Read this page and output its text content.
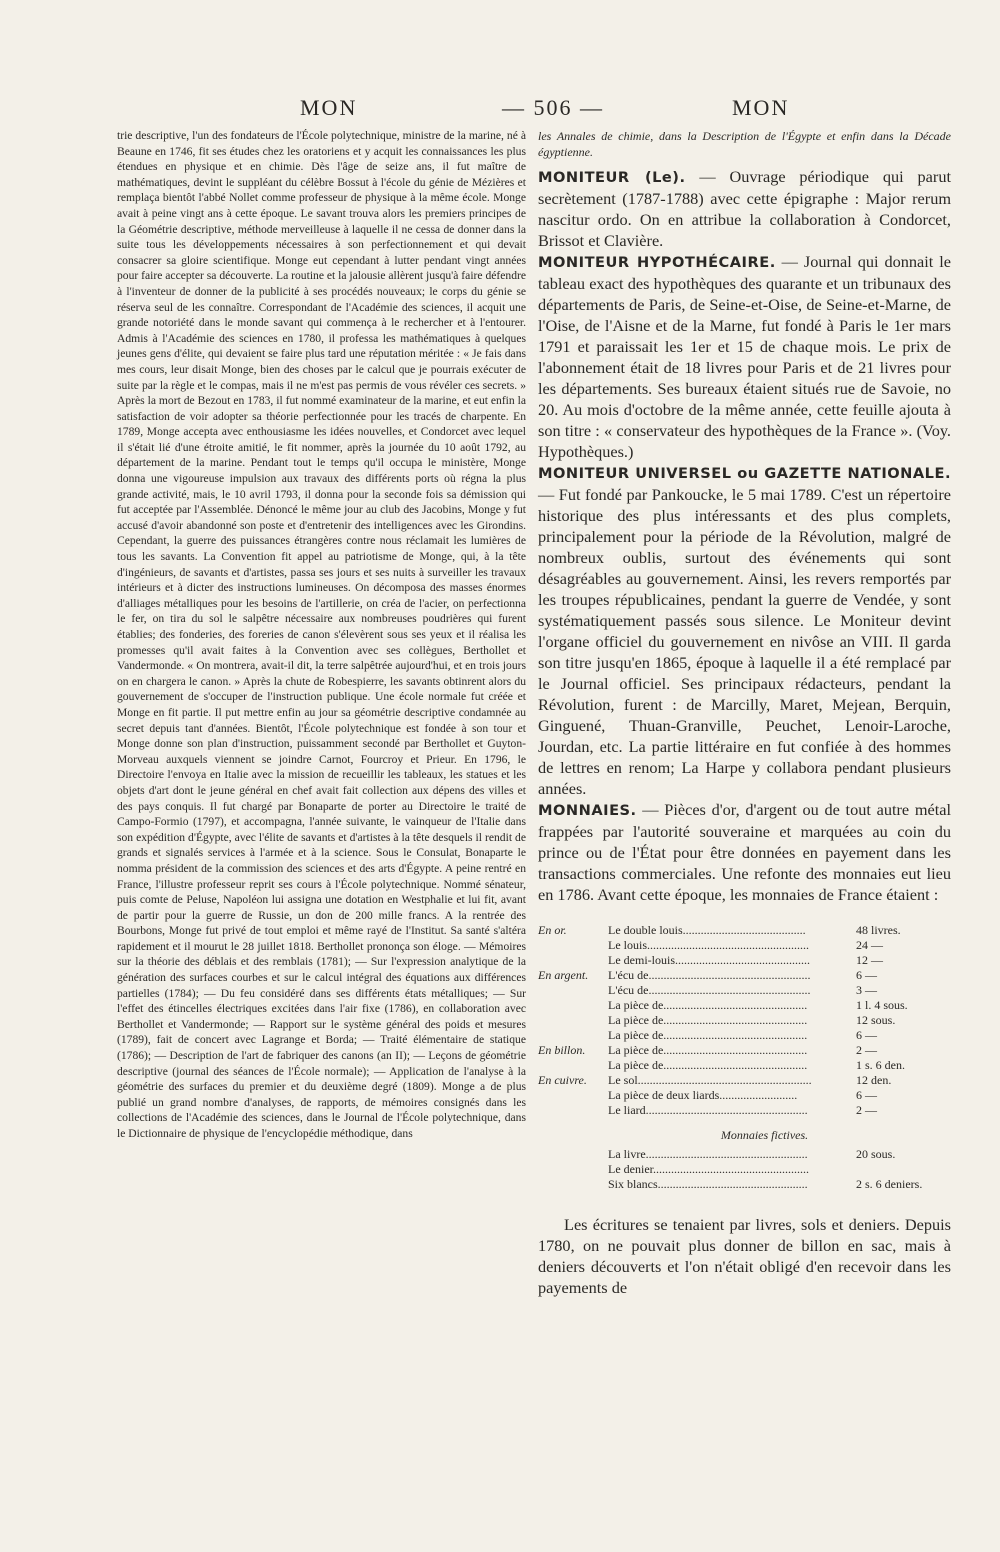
MON	— 506 —	MON

trie descriptive, l'un des fondateurs de l'École polytechnique, ministre de la marine, né à Beaune en 1746, fit ses études chez les oratoriens et y acquit les connaissances les plus étendues en physique et en chimie. Dès l'âge de seize ans, il fut maître de mathématiques, devint le suppléant du célèbre Bossut à l'école du génie de Mézières et remplaça bientôt l'abbé Nollet comme professeur de physique à la même école. Monge avait à peine vingt ans à cette époque. Le savant trouva alors les premiers principes de la Géométrie descriptive, méthode merveilleuse à laquelle il ne cessa de donner dans la suite tous les développements nécessaires à son perfectionnement et qui devait consacrer sa gloire scientifique. Monge eut cependant à lutter pendant vingt années pour faire accepter sa découverte. La routine et la jalousie allèrent jusqu'à faire défendre à l'inventeur de donner de la publicité à ses procédés nouveaux; le corps du génie se réserva seul de les connaître. Correspondant de l'Académie des sciences, il acquit une grande notoriété dans le monde savant qui commença à le rechercher et à l'entourer. Admis à l'Académie des sciences en 1780, il professa les mathématiques à quelques jeunes gens d'élite, qui devaient se faire plus tard une réputation méritée : « Je fais dans mes cours, leur disait Monge, bien des choses par le calcul que je pourrais exécuter de suite par la règle et le compas, mais il ne m'est pas permis de vous révéler ces secrets. » Après la mort de Bezout en 1783, il fut nommé examinateur de la marine, et eut enfin la satisfaction de voir adopter sa théorie perfectionnée pour les tracés de charpente. En 1789, Monge accepta avec enthousiasme les idées nouvelles, et Condorcet avec lequel il s'était lié d'une étroite amitié, le fit nommer, après la journée du 10 août 1792, au département de la marine. Pendant tout le temps qu'il occupa le ministère, Monge donna une vigoureuse impulsion aux travaux des différents ports où régna la plus grande activité, mais, le 10 avril 1793, il donna pour la seconde fois sa démission qui fut acceptée par l'Assemblée. Dénoncé le même jour au club des Jacobins, Monge y fut accusé d'avoir abandonné son poste et d'entretenir des intelligences avec les Girondins. Cependant, la guerre des puissances étrangères contre nous réclamait les lumières de tous les savants. La Convention fit appel au patriotisme de Monge, qui, à la tête d'ingénieurs, de savants et d'artistes, passa ses jours et ses nuits à surveiller les travaux intérieurs et à dicter des instructions lumineuses. On décomposa des masses énormes d'alliages métalliques pour les besoins de l'artillerie, on créa de l'acier, on perfectionna le fer, on tira du sol le salpêtre nécessaire aux nombreuses poudrières qui furent établies; des fonderies, des foreries de canon s'élevèrent sous ses yeux et il réalisa les promesses qu'il avait faites à la Convention avec ses collègues, Berthollet et Vandermonde. « On montrera, avait-il dit, la terre salpêtrée aujourd'hui, et en trois jours on en chargera le canon. » Après la chute de Robespierre, les savants obtinrent alors du gouvernement de s'occuper de l'instruction publique. Une école normale fut créée et Monge en fit partie. Il put mettre enfin au jour sa géométrie descriptive condamnée au secret depuis tant d'années. Bientôt, l'École polytechnique est fondée à son tour et Monge donne son plan d'instruction, puissamment secondé par Berthollet et Guyton-Morveau auxquels viennent se joindre Carnot, Fourcroy et Prieur. En 1796, le Directoire l'envoya en Italie avec la mission de recueillir les tableaux, les statues et les objets d'art dont le jeune général en chef avait fait collection aux dépens des villes et des pays conquis. Il fut chargé par Bonaparte de porter au Directoire le traité de Campo-Formio (1797), et accompagna, l'année suivante, le vainqueur de l'Italie dans son expédition d'Égypte, avec l'élite de savants et d'artistes à la tête desquels il rendit de grands et signalés services à l'armée et à la science. Sous le Consulat, Bonaparte le nomma président de la commission des sciences et des arts d'Égypte. A peine rentré en France, l'illustre professeur reprit ses cours à l'École polytechnique. Nommé sénateur, puis comte de Peluse, Napoléon lui assigna une dotation en Westphalie et lui fit, avant de partir pour la guerre de Russie, un don de 200 mille francs. A la rentrée des Bourbons, Monge fut privé de tout emploi et même rayé de l'Institut. Sa santé s'altéra rapidement et il mourut le 28 juillet 1818. Berthollet prononça son éloge. — Mémoires sur la théorie des déblais et des remblais (1781); — Sur l'expression analytique de la génération des surfaces courbes et sur le calcul intégral des équations aux différences partielles (1784); — Du feu considéré dans ses différents états métalliques; — Sur l'effet des étincelles électriques excitées dans l'air fixe (1786), en collaboration avec Berthollet et Vandermonde; — Rapport sur le système général des poids et mesures (1789), fait de concert avec Lagrange et Borda; — Traité élémentaire de statique (1786); — Description de l'art de fabriquer des canons (an II); — Leçons de géométrie descriptive (journal des séances de l'École normale); — Application de l'analyse à la géométrie des surfaces du premier et du deuxième degré (1809). Monge a de plus publié un grand nombre d'analyses, de rapports, de mémoires consignés dans les collections de l'Académie des sciences, dans le Journal de l'École polytechnique, dans le Dictionnaire de physique de l'encyclopédie méthodique, dans

les Annales de chimie, dans la Description de l'Égypte et enfin dans la Décade égyptienne.

MONITEUR (Le). — Ouvrage périodique qui parut secrètement (1787-1788) avec cette épigraphe : Major rerum nascitur ordo. On en attribue la collaboration à Condorcet, Brissot et Clavière.

MONITEUR HYPOTHÉCAIRE. — Journal qui donnait le tableau exact des hypothèques des quarante et un tribunaux des départements de Paris, de Seine-et-Oise, de Seine-et-Marne, de l'Oise, de l'Aisne et de la Marne, fut fondé à Paris le 1er mars 1791 et paraissait les 1er et 15 de chaque mois. Le prix de l'abonnement était de 18 livres pour Paris et de 21 livres pour les départements. Ses bureaux étaient situés rue de Savoie, no 20. Au mois d'octobre de la même année, cette feuille ajouta à son titre : « conservateur des hypothèques de la France ». (Voy. Hypothèques.)

MONITEUR UNIVERSEL ou GAZETTE NATIONALE. — Fut fondé par Pankoucke, le 5 mai 1789. C'est un répertoire historique des plus intéressants et des plus complets, principalement pour la période de la Révolution, malgré de nombreux oublis, surtout des événements qui sont désagréables au gouvernement. Ainsi, les revers remportés par les troupes républicaines, pendant la guerre de Vendée, y sont systématiquement passés sous silence. Le Moniteur devint l'organe officiel du gouvernement en nivôse an VIII. Il garda son titre jusqu'en 1865, époque à laquelle il a été remplacé par le Journal officiel. Ses principaux rédacteurs, pendant la Révolution, furent : de Marcilly, Maret, Mejean, Berquin, Ginguené, Thuan-Granville, Peuchet, Lenoir-Laroche, Jourdan, etc. La partie littéraire en fut confiée à des hommes de lettres en renom; La Harpe y collabora pendant plusieurs années.

MONNAIES. — Pièces d'or, d'argent ou de tout autre métal frappées par l'autorité souveraine et marquées au coin du prince ou de l'État pour être données en payement dans les transactions commerciales. Une refonte des monnaies eut lieu en 1786. Avant cette époque, les monnaies de France étaient :

En or.	Le double louis.........................................	48 livres.
	Le louis......................................................	24 —
	Le demi-louis.............................................	12 —
En argent.	L'écu de......................................................	6 —
	L'écu de......................................................	3 —
	La pièce de................................................	1 l. 4 sous.
	La pièce de................................................	12 sous.
	La pièce de................................................	6 —
En billon.	La pièce de................................................	2 —
	La pièce de................................................	1 s. 6 den.
En cuivre.	Le sol..........................................................	12 den.
	La pièce de deux liards..........................	6 —
	Le liard......................................................	2 —
Monnaies fictives.
	La livre......................................................	20 sous.
	Le denier....................................................	
	Six blancs..................................................	2 s. 6 deniers.

Les écritures se tenaient par livres, sols et deniers. Depuis 1780, on ne pouvait plus donner de billon en sac, mais à deniers découverts et l'on n'était obligé d'en recevoir dans les payements de
